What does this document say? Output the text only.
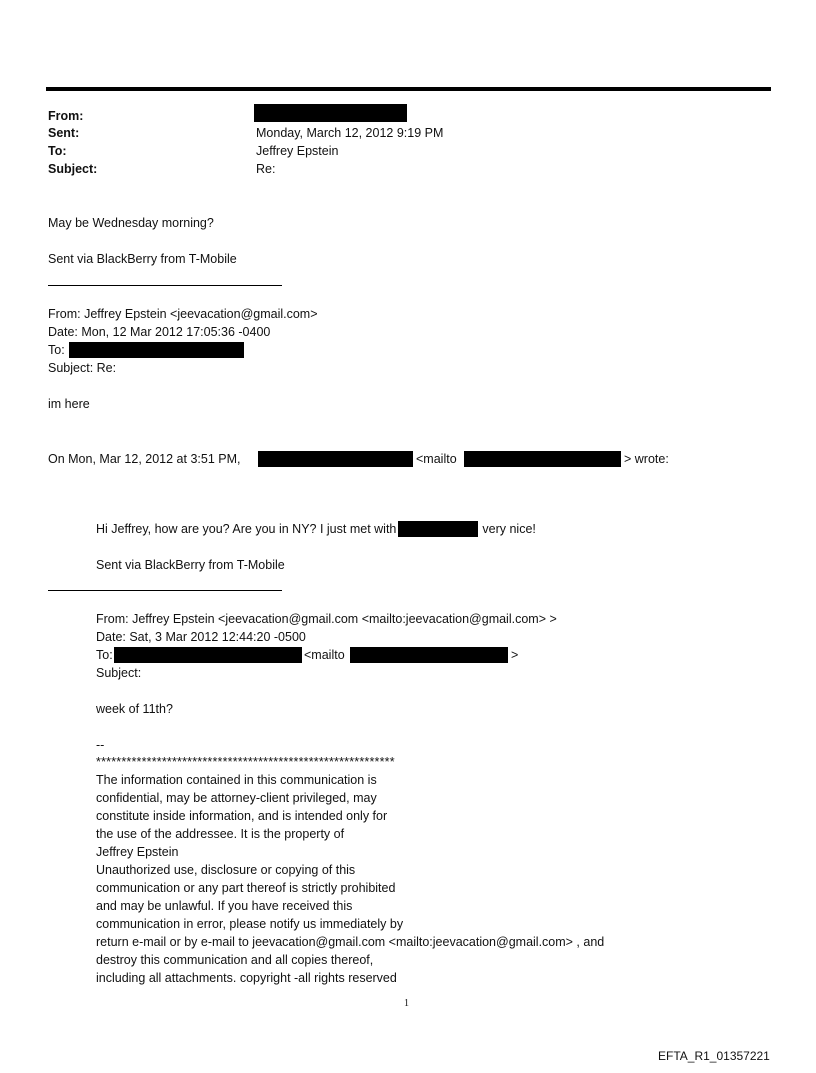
From:
Sent:	Monday, March 12, 2012 9:19 PM
To:	Jeffrey Epstein
Subject:	Re:
May be Wednesday morning?
Sent via BlackBerry from T-Mobile
From: Jeffrey Epstein <jeevacation@gmail.com>
Date: Mon, 12 Mar 2012 17:05:36 -0400
To:
Subject: Re:
im here
On Mon, Mar 12, 2012 at 3:51 PM,	<mailto	> wrote:
Hi Jeffrey, how are you? Are you in NY? I just met with	very nice!
Sent via BlackBerry from T-Mobile
From: Jeffrey Epstein <jeevacation@gmail.com <mailto:jeevacation@gmail.com> >
Date: Sat, 3 Mar 2012 12:44:20 -0500
To:	<mailto	>
Subject:
week of 11th?
--
***********************************************************
The information contained in this communication is
confidential, may be attorney-client privileged, may
constitute inside information, and is intended only for
the use of the addressee. It is the property of
Jeffrey Epstein
Unauthorized use, disclosure or copying of this
communication or any part thereof is strictly prohibited
and may be unlawful. If you have received this
communication in error, please notify us immediately by
return e-mail or by e-mail to jeevacation@gmail.com <mailto:jeevacation@gmail.com> , and
destroy this communication and all copies thereof,
including all attachments. copyright -all rights reserved
1
EFTA_R1_01357221
